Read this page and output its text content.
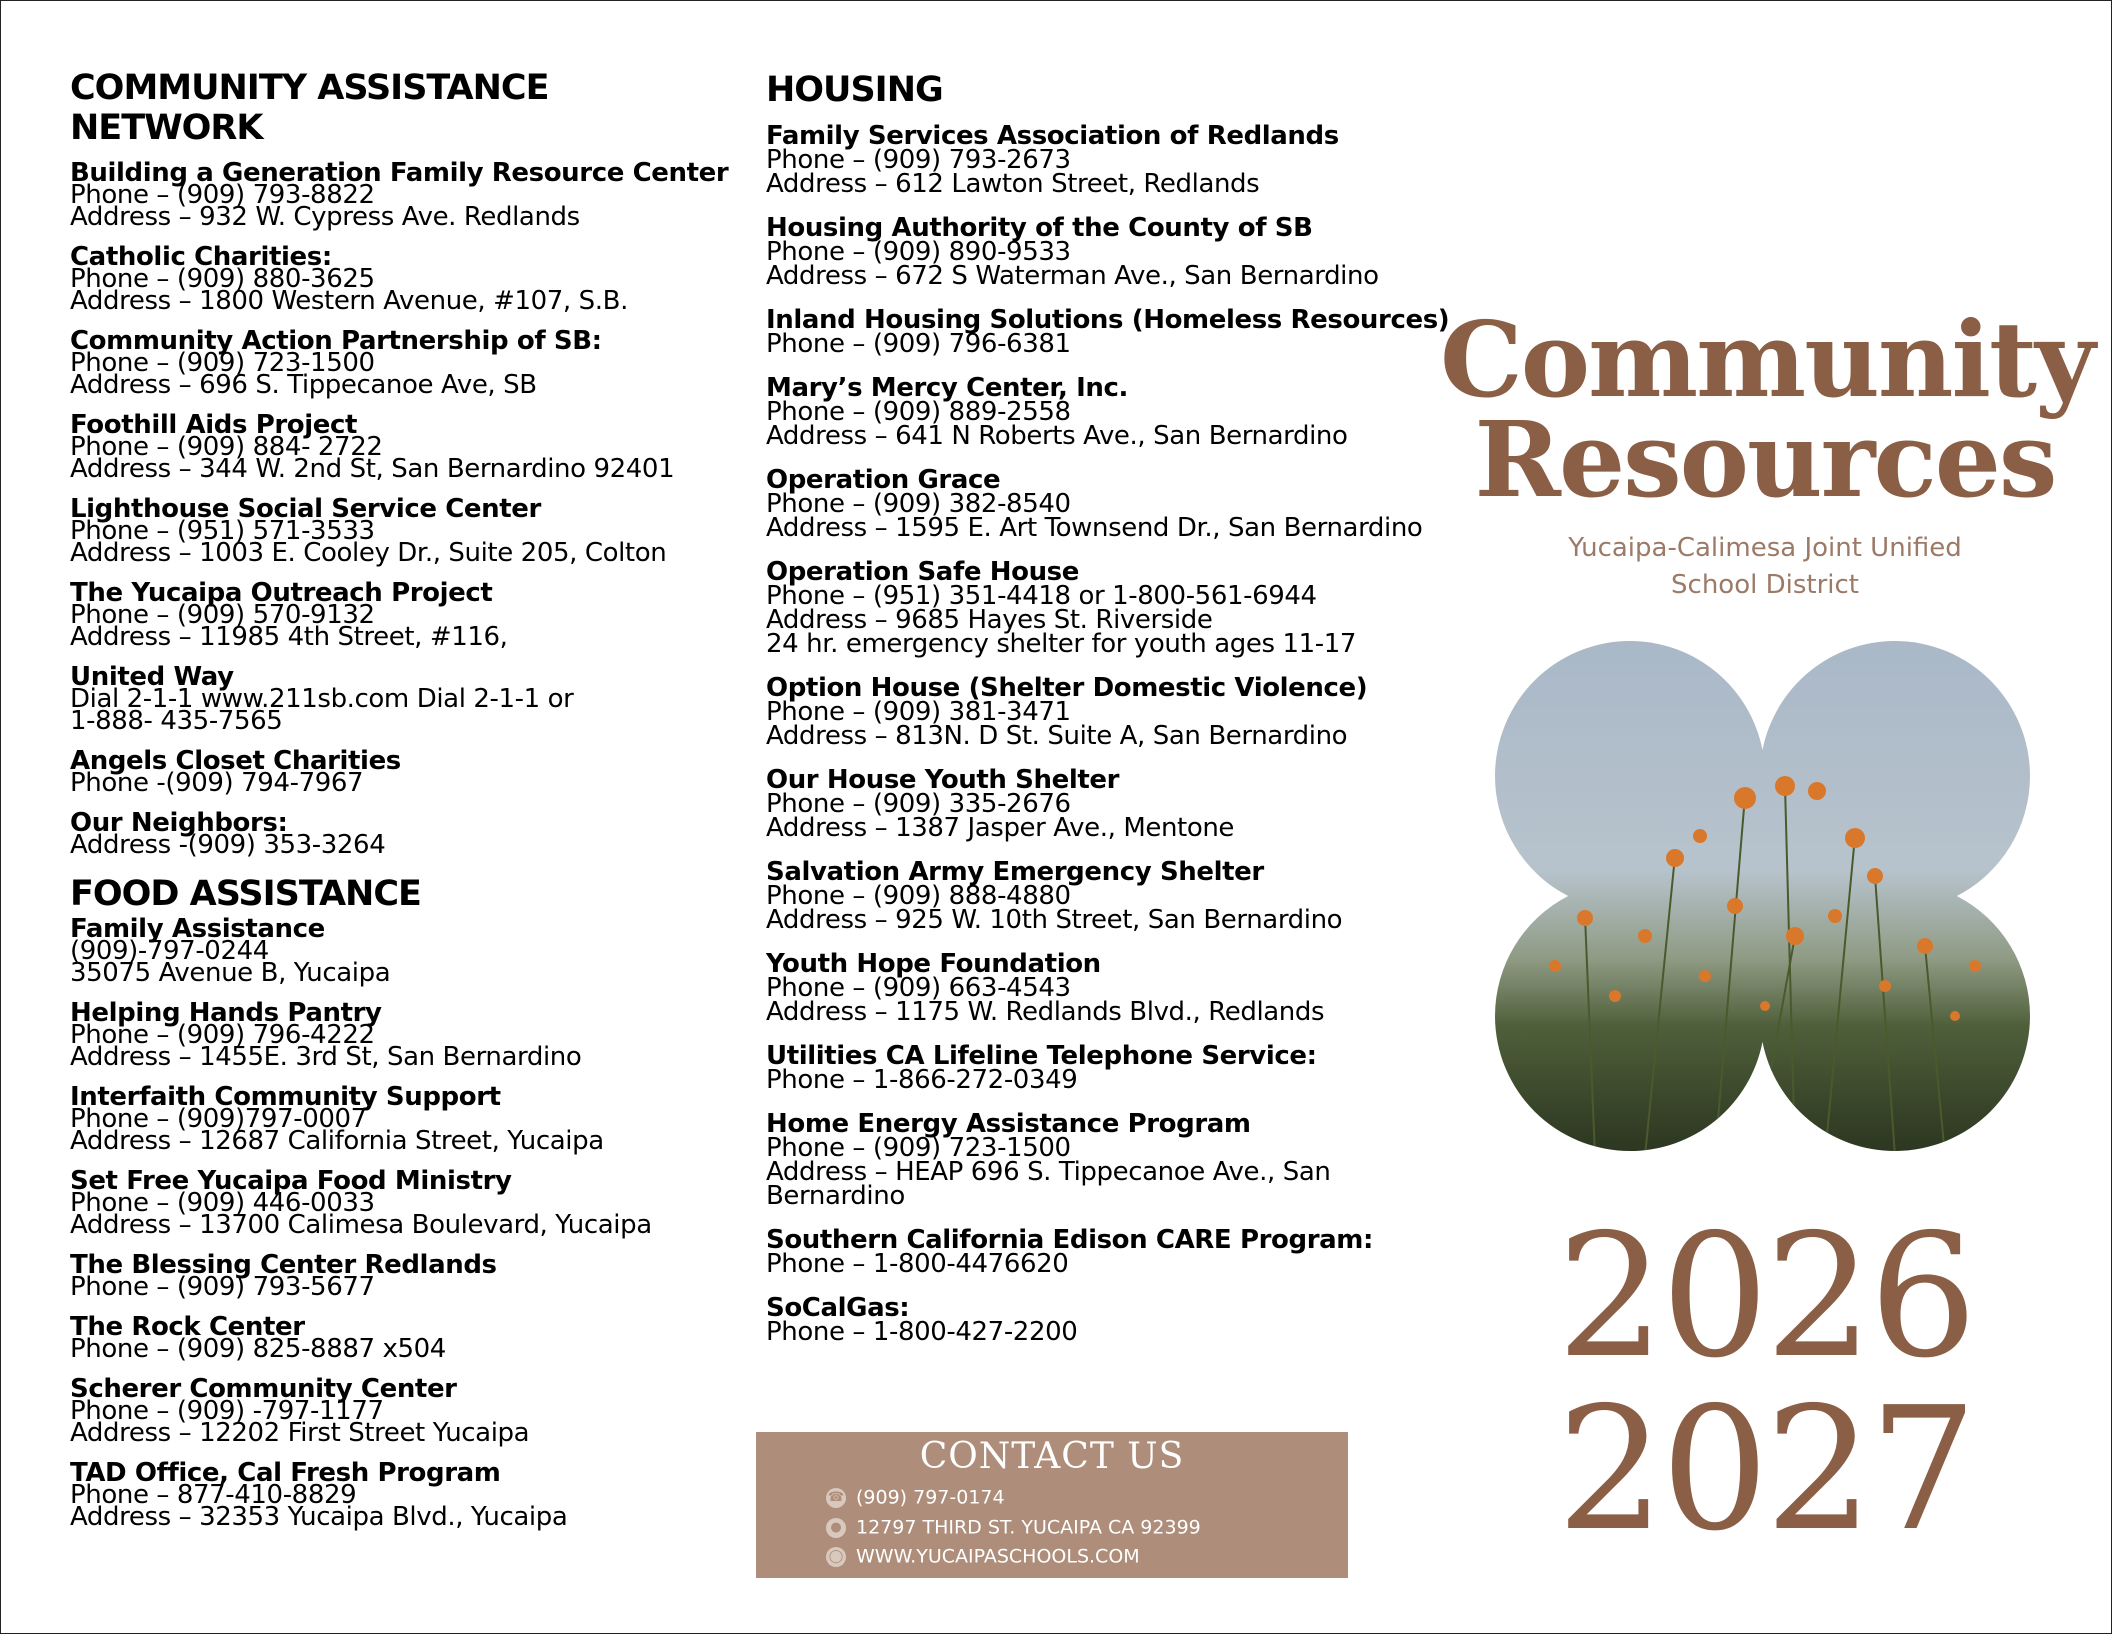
COMMUNITY ASSISTANCE NETWORK
Building a Generation Family Resource Center
Phone – (909) 793-8822
Address – 932 W. Cypress Ave. Redlands
Catholic Charities:
Phone – (909) 880-3625
Address – 1800 Western Avenue, #107, S.B.
Community Action Partnership of SB:
Phone – (909) 723-1500
Address – 696 S. Tippecanoe Ave, SB
Foothill Aids Project
Phone – (909) 884- 2722
Address – 344 W. 2nd St, San Bernardino 92401
Lighthouse Social Service Center
Phone – (951) 571-3533
Address – 1003 E. Cooley Dr., Suite 205, Colton
The Yucaipa Outreach Project
Phone – (909) 570-9132
Address – 11985 4th Street, #116,
United Way
Dial 2-1-1 www.211sb.com Dial 2-1-1 or
1-888- 435-7565
Angels Closet Charities
Phone -(909) 794-7967
Our Neighbors:
Address -(909) 353-3264
FOOD ASSISTANCE
Family Assistance
(909)-797-0244
35075 Avenue B, Yucaipa
Helping Hands Pantry
Phone – (909) 796-4222
Address – 1455E. 3rd St, San Bernardino
Interfaith Community Support
Phone – (909)797-0007
Address – 12687 California Street, Yucaipa
Set Free Yucaipa Food Ministry
Phone – (909) 446-0033
Address – 13700 Calimesa Boulevard, Yucaipa
The Blessing Center Redlands
Phone – (909) 793-5677
The Rock Center
Phone – (909) 825-8887 x504
Scherer Community Center
Phone – (909) -797-1177
Address – 12202 First Street Yucaipa
TAD Office, Cal Fresh Program
Phone – 877-410-8829
Address – 32353 Yucaipa Blvd., Yucaipa
HOUSING
Family Services Association of Redlands
Phone – (909) 793-2673
Address – 612 Lawton Street, Redlands
Housing Authority of the County of SB
Phone – (909) 890-9533
Address – 672 S Waterman Ave., San Bernardino
Inland Housing Solutions (Homeless Resources)
Phone – (909) 796-6381
Mary’s Mercy Center, Inc.
Phone – (909) 889-2558
Address – 641 N Roberts Ave., San Bernardino
Operation Grace
Phone – (909) 382-8540
Address – 1595 E. Art Townsend Dr., San Bernardino
Operation Safe House
Phone – (951) 351-4418 or 1-800-561-6944
Address – 9685 Hayes St. Riverside
24 hr. emergency shelter for youth ages 11-17
Option House (Shelter Domestic Violence)
Phone – (909) 381-3471
Address – 813N. D St. Suite A, San Bernardino
Our House Youth Shelter
Phone – (909) 335-2676
Address – 1387 Jasper Ave., Mentone
Salvation Army Emergency Shelter
Phone – (909) 888-4880
Address – 925 W. 10th Street, San Bernardino
Youth Hope Foundation
Phone – (909) 663-4543
Address – 1175 W. Redlands Blvd., Redlands
Utilities CA Lifeline Telephone Service:
Phone – 1-866-272-0349
Home Energy Assistance Program
Phone – (909) 723-1500
Address – HEAP 696 S. Tippecanoe Ave., San
Bernardino
Southern California Edison CARE Program:
Phone – 1-800-4476620
SoCalGas:
Phone – 1-800-427-2200
CONTACT US
☎ (909) 797-0174
● 12797 THIRD ST. YUCAIPA CA 92399
◯ WWW.YUCAIPASCHOOLS.COM
Community
Resources
Yucaipa-Calimesa Joint Unified
School District
2026
2027
